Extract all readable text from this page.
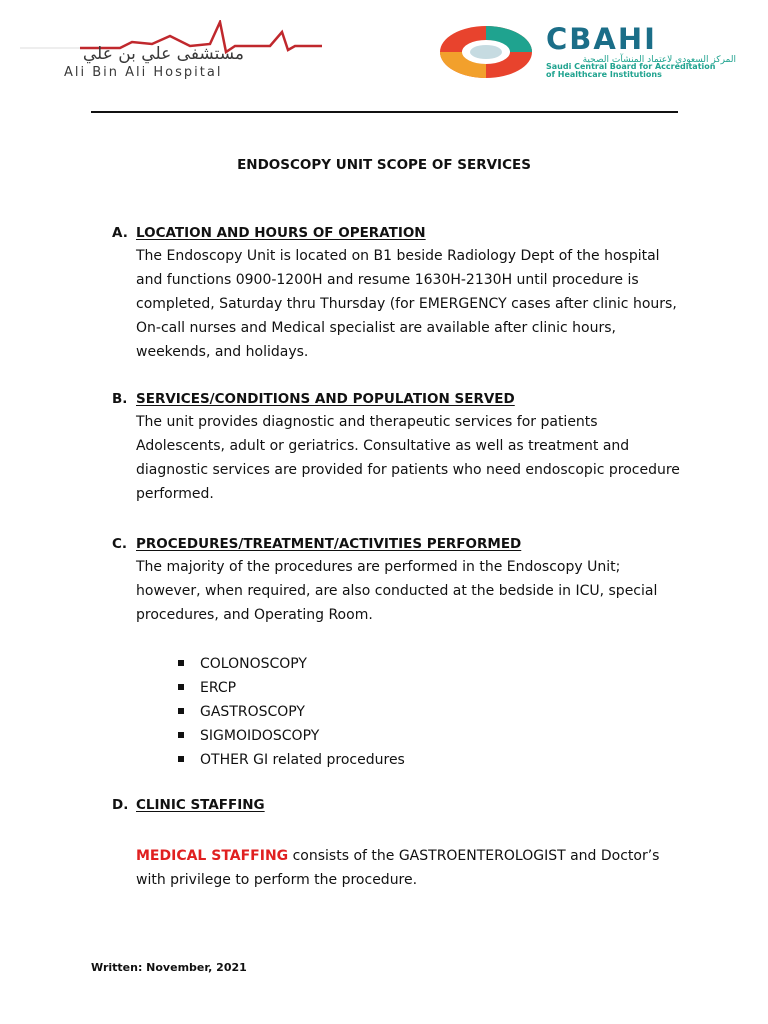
مستشفى علي بن علي
Ali Bin Ali Hospital
CBAHI
المركز السعودي لاعتماد المنشآت الصحية
Saudi Central Board for Accreditation
of Healthcare Institutions
ENDOSCOPY UNIT SCOPE OF SERVICES
A. LOCATION AND HOURS OF OPERATION
The Endoscopy Unit is located on B1 beside Radiology Dept of the hospital and functions 0900-1200H and resume 1630H-2130H until procedure is completed, Saturday thru Thursday (for EMERGENCY cases after clinic hours, On-call nurses and Medical specialist are available after clinic hours, weekends, and holidays.
B. SERVICES/CONDITIONS AND POPULATION SERVED
The unit provides diagnostic and therapeutic services for patients Adolescents, adult or geriatrics. Consultative as well as treatment and diagnostic services are provided for patients who need endoscopic procedure performed.
C. PROCEDURES/TREATMENT/ACTIVITIES PERFORMED
The majority of the procedures are performed in the Endoscopy Unit; however, when required, are also conducted at the bedside in ICU, special procedures, and Operating Room.
COLONOSCOPY
ERCP
GASTROSCOPY
SIGMOIDOSCOPY
OTHER GI related procedures
D. CLINIC STAFFING
MEDICAL STAFFING consists of the GASTROENTEROLOGIST and Doctor’s with privilege to perform the procedure.
Written: November, 2021
